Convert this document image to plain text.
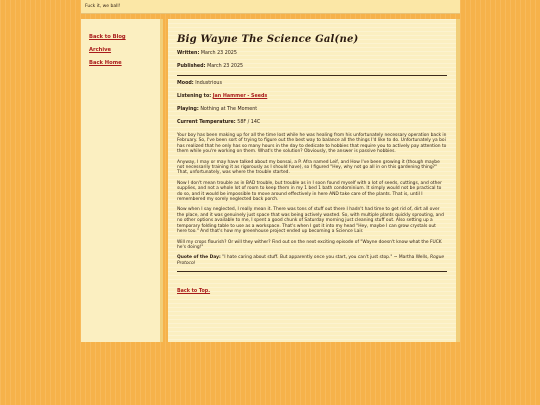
Fuck it, we ball!
Back to Blog
Archive
Back Home
Big Wayne The Science Gal(ne)

Written: March 23 2025

Published: March 23 2025

Mood: Industrious

Listening to: Jan Hammer - Seeds

Playing: Nothing at The Moment

Current Temperature: 58F / 14C

Your boy has been making up for all the time lost while he was healing from his unfortunately necessary operation back in February. So, I've been sort of trying to figure out the best way to balance all the things I'd like to do. Unfortunately ya boi has realized that he only has so many hours in the day to dedicate to hobbies that require you to actively pay attention to them while you're working on them. What's the solution? Obviously, the answer is passive hobbies.

Anyway, I may or may have talked about my bonsai, a P. Afra named Leif, and How I've been growing it (though maybe not necessarily training it as rigorously as I should have), so I figured "Hey, why not go all in on this gardening thing?" That, unfortunately, was where the trouble started.

Now I don't mean trouble as in BAD trouble, but trouble as in I soon found myself with a lot of seeds, cuttings, and other supplies, and not a whole lot of room to keep them in my 1 bed 1 bath condominium. It simply would not be practical to do so, and it would be impossible to move around effectively in here AND take care of the plants. That is, until I remembered my sorely neglected back porch.

Now when I say neglected, I really mean it. There was tons of stuff out there I hadn't had time to get rid of, dirt all over the place, and it was genuinely just space that was being actively wasted. So, with multiple plants quickly sprouting, and no other options available to me, I spent a good chunk of Saturday morning just cleaning stuff out. Also setting up a temporary folding table to use as a workspace. That's when I got it into my head "Hey, maybe I can grow crystals out here too." And that's how my greenhouse project ended up becoming a Science Lair.

Will my crops flourish? Or will they wither? Find out on the next exciting episode of "Wayne doesn't know what the FUCK he's doing!"

Quote of the Day: "I hate caring about stuff. But apparently once you start, you can't just stop." ~ Martha Wells, Rogue Protocol

Back to Top.
